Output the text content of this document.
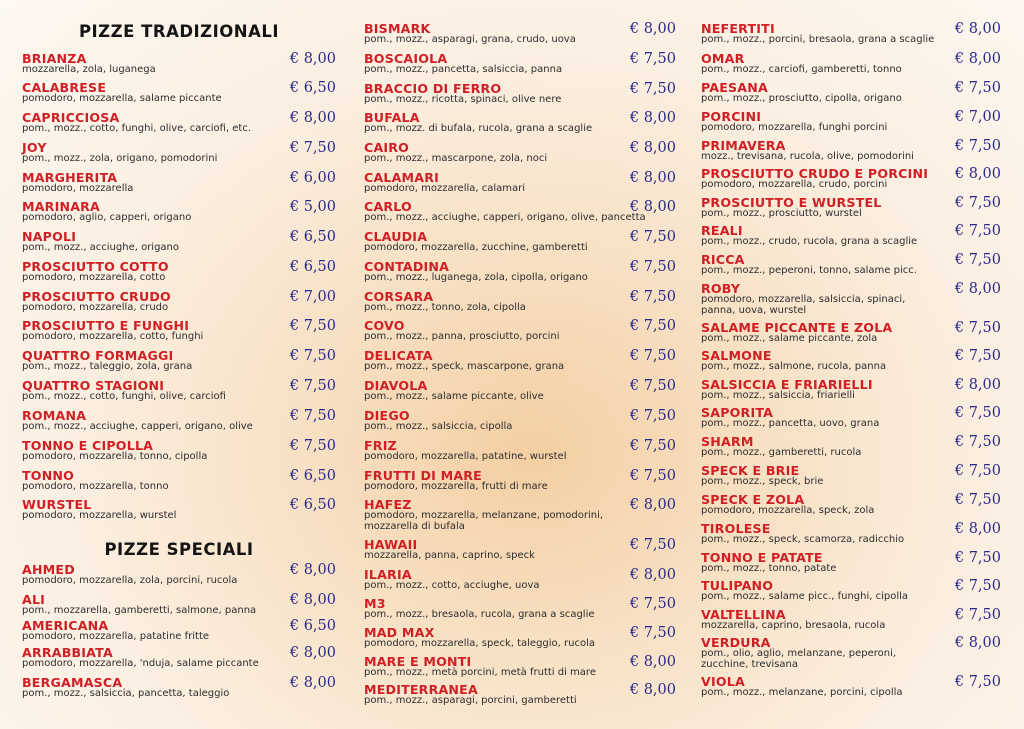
PIZZE TRADIZIONALI
PIZZE SPECIALI
BRIANZA
mozzarella, zola, luganega
€ 8,00
CALABRESE
pomodoro, mozzarella, salame piccante
€ 6,50
CAPRICCIOSA
pom., mozz., cotto, funghi, olive, carciofi, etc.
€ 8,00
JOY
pom., mozz., zola, origano, pomodorini
€ 7,50
MARGHERITA
pomodoro, mozzarella
€ 6,00
MARINARA
pomodoro, aglio, capperi, origano
€ 5,00
NAPOLI
pom., mozz., acciughe, origano
€ 6,50
PROSCIUTTO COTTO
pomodoro, mozzarella, cotto
€ 6,50
PROSCIUTTO CRUDO
pomodoro, mozzarella, crudo
€ 7,00
PROSCIUTTO E FUNGHI
pomodoro, mozzarella, cotto, funghi
€ 7,50
QUATTRO FORMAGGI
pom., mozz., taleggio, zola, grana
€ 7,50
QUATTRO STAGIONI
pom., mozz., cotto, funghi, olive, carciofi
€ 7,50
ROMANA
pom., mozz., acciughe, capperi, origano, olive
€ 7,50
TONNO E CIPOLLA
pomodoro, mozzarella, tonno, cipolla
€ 7,50
TONNO
pomodoro, mozzarella, tonno
€ 6,50
WURSTEL
pomodoro, mozzarella, wurstel
€ 6,50
AHMED
pomodoro, mozzarella, zola, porcini, rucola
€ 8,00
ALI
pom., mozzarella, gamberetti, salmone, panna
€ 8,00
AMERICANA
pomodoro, mozzarella, patatine fritte
€ 6,50
ARRABBIATA
pomodoro, mozzarella, 'nduja, salame piccante
€ 8,00
BERGAMASCA
pom., mozz., salsiccia, pancetta, taleggio
€ 8,00
BISMARK
pom., mozz., asparagi, grana, crudo, uova
€ 8,00
BOSCAIOLA
pom., mozz., pancetta, salsiccia, panna
€ 7,50
BRACCIO DI FERRO
pom., mozz., ricotta, spinaci, olive nere
€ 7,50
BUFALA
pom., mozz. di bufala, rucola, grana a scaglie
€ 8,00
CAIRO
pom., mozz., mascarpone, zola, noci
€ 8,00
CALAMARI
pomodoro, mozzarella, calamari
€ 8,00
CARLO
pom., mozz., acciughe, capperi, origano, olive, pancetta
€ 8,00
CLAUDIA
pomodoro, mozzarella, zucchine, gamberetti
€ 7,50
CONTADINA
pom., mozz., luganega, zola, cipolla, origano
€ 7,50
CORSARA
pom., mozz., tonno, zola, cipolla
€ 7,50
COVO
pom., mozz., panna, prosciutto, porcini
€ 7,50
DELICATA
pom., mozz., speck, mascarpone, grana
€ 7,50
DIAVOLA
pom., mozz., salame piccante, olive
€ 7,50
DIEGO
pom., mozz., salsiccia, cipolla
€ 7,50
FRIZ
pomodoro, mozzarella, patatine, wurstel
€ 7,50
FRUTTI DI MARE
pomodoro, mozzarella, frutti di mare
€ 7,50
HAFEZ
pomodoro, mozzarella, melanzane, pomodorini,
mozzarella di bufala
€ 8,00
HAWAII
mozzarella, panna, caprino, speck
€ 7,50
ILARIA
pom., mozz., cotto, acciughe, uova
€ 8,00
M3
pom., mozz., bresaola, rucola, grana a scaglie
€ 7,50
MAD MAX
pomodoro, mozzarella, speck, taleggio, rucola
€ 7,50
MARE E MONTI
pom., mozz., metà porcini, metà frutti di mare
€ 8,00
MEDITERRANEA
pom., mozz., asparagi, porcini, gamberetti
€ 8,00
NEFERTITI
pom., mozz., porcini, bresaola, grana a scaglie
€ 8,00
OMAR
pom., mozz., carciofi, gamberetti, tonno
€ 8,00
PAESANA
pom., mozz., prosciutto, cipolla, origano
€ 7,50
PORCINI
pomodoro, mozzarella, funghi porcini
€ 7,00
PRIMAVERA
mozz., trevisana, rucola, olive, pomodorini
€ 7,50
PROSCIUTTO CRUDO E PORCINI
pomodoro, mozzarella, crudo, porcini
€ 8,00
PROSCIUTTO E WURSTEL
pom., mozz., prosciutto, wurstel
€ 7,50
REALI
pom., mozz., crudo, rucola, grana a scaglie
€ 7,50
RICCA
pom., mozz., peperoni, tonno, salame picc.
€ 7,50
ROBY
pomodoro, mozzarella, salsiccia, spinaci,
panna, uova, wurstel
€ 8,00
SALAME PICCANTE E ZOLA
pom., mozz., salame piccante, zola
€ 7,50
SALMONE
pom., mozz., salmone, rucola, panna
€ 7,50
SALSICCIA E FRIARIELLI
pom., mozz., salsiccia, friarielli
€ 8,00
SAPORITA
pom., mozz., pancetta, uovo, grana
€ 7,50
SHARM
pom., mozz., gamberetti, rucola
€ 7,50
SPECK E BRIE
pom., mozz., speck, brie
€ 7,50
SPECK E ZOLA
pomodoro, mozzarella, speck, zola
€ 7,50
TIROLESE
pom., mozz., speck, scamorza, radicchio
€ 8,00
TONNO E PATATE
pom., mozz., tonno, patate
€ 7,50
TULIPANO
pom., mozz., salame picc., funghi, cipolla
€ 7,50
VALTELLINA
mozzarella, caprino, bresaola, rucola
€ 7,50
VERDURA
pom., olio, aglio, melanzane, peperoni,
zucchine, trevisana
€ 8,00
VIOLA
pom., mozz., melanzane, porcini, cipolla
€ 7,50
